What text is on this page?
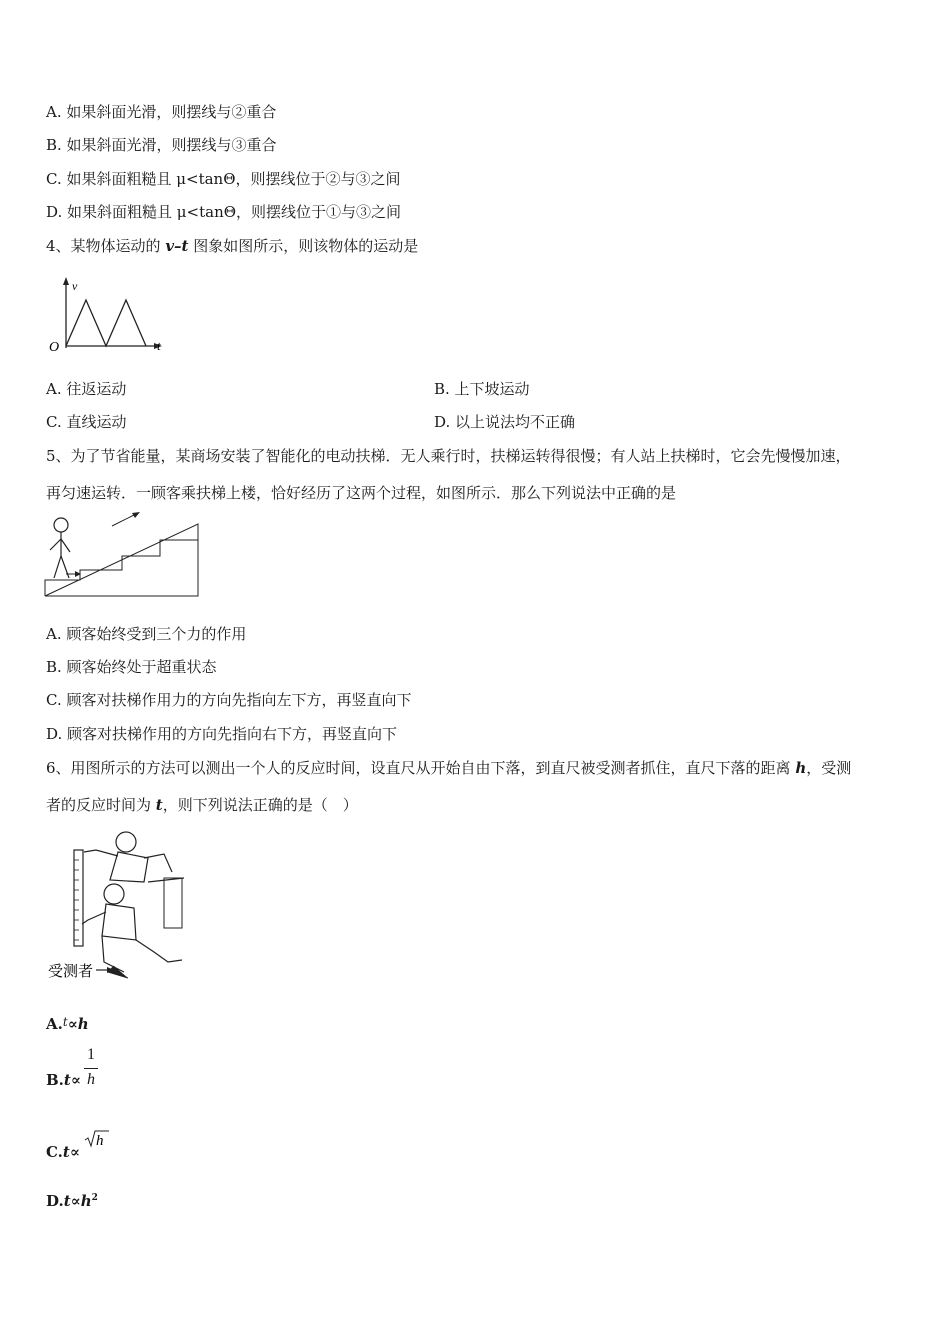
A. 如果斜面光滑，则摆线与②重合
B. 如果斜面光滑，则摆线与③重合
C. 如果斜面粗糙且 μ<tanΘ，则摆线位于②与③之间
D. 如果斜面粗糙且 μ<tanΘ，则摆线位于①与③之间
4、某物体运动的 v–t 图象如图所示，则该物体的运动是
v
t
O
A. 往返运动	B. 上下坡运动
C. 直线运动	D. 以上说法均不正确
5、为了节省能量，某商场安装了智能化的电动扶梯．无人乘行时，扶梯运转得很慢；有人站上扶梯时，它会先慢慢加速，
再匀速运转．一顾客乘扶梯上楼，恰好经历了这两个过程，如图所示．那么下列说法中正确的是
A. 顾客始终受到三个力的作用
B. 顾客始终处于超重状态
C. 顾客对扶梯作用力的方向先指向左下方，再竖直向下
D. 顾客对扶梯作用的方向先指向右下方，再竖直向下
6、用图所示的方法可以测出一个人的反应时间，设直尺从开始自由下落，到直尺被受测者抓住，直尺下落的距离 h，受测
者的反应时间为 t，则下列说法正确的是（　）
受测者
A.$^t$∝h
B.t∝
1
h
C.t∝
h
$D.t\propto h^2$
